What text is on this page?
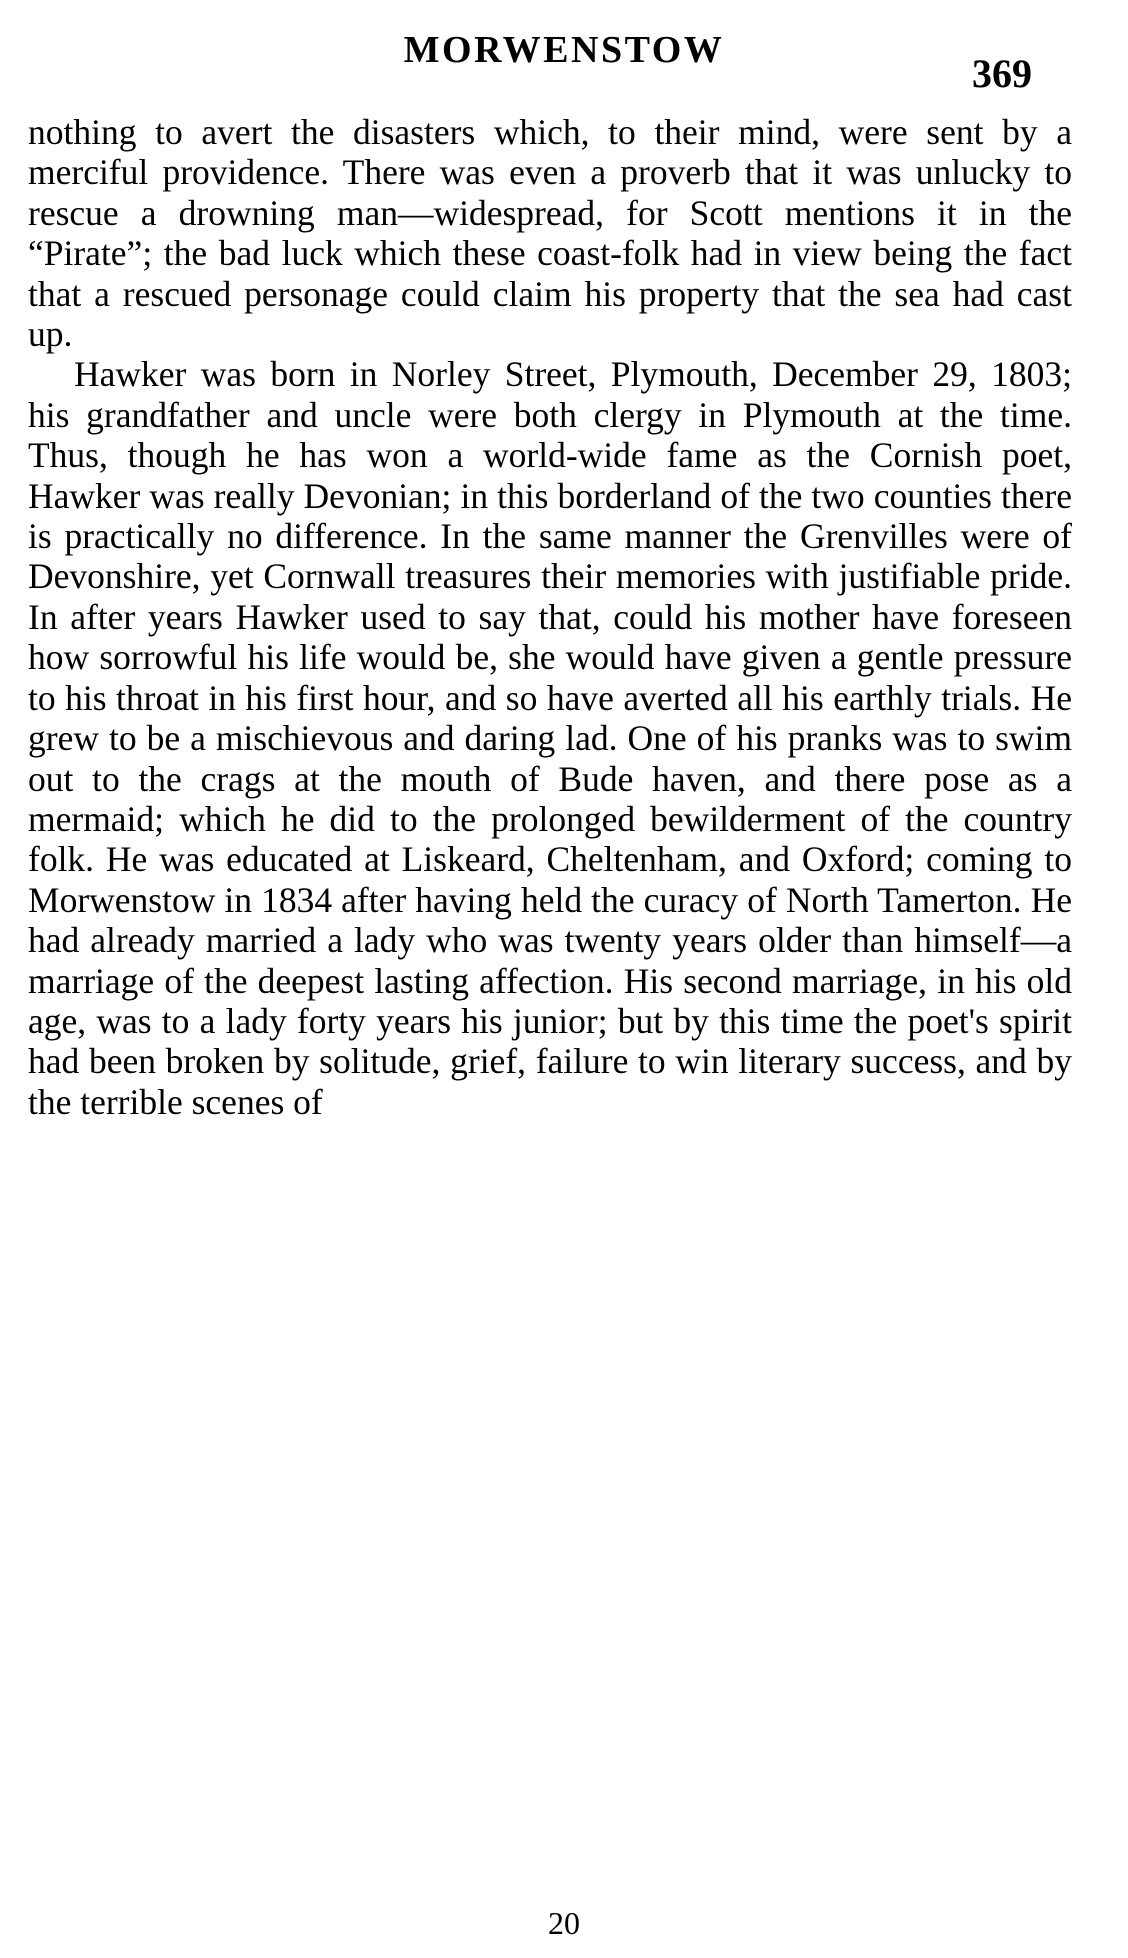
MORWENSTOW
369

nothing to avert the disasters which, to their mind, were sent by a merciful providence. There was even a proverb that it was unlucky to rescue a drowning man—widespread, for Scott mentions it in the “Pirate”; the bad luck which these coast-folk had in view being the fact that a rescued personage could claim his property that the sea had cast up.

Hawker was born in Norley Street, Plymouth, December 29, 1803; his grandfather and uncle were both clergy in Plymouth at the time. Thus, though he has won a world-wide fame as the Cornish poet, Hawker was really Devonian; in this borderland of the two counties there is practically no difference. In the same manner the Grenvilles were of Devonshire, yet Cornwall treasures their memories with justifiable pride. In after years Hawker used to say that, could his mother have foreseen how sorrowful his life would be, she would have given a gentle pressure to his throat in his first hour, and so have averted all his earthly trials. He grew to be a mischievous and daring lad. One of his pranks was to swim out to the crags at the mouth of Bude haven, and there pose as a mermaid; which he did to the prolonged bewilderment of the country folk. He was educated at Liskeard, Cheltenham, and Oxford; coming to Morwenstow in 1834 after having held the curacy of North Tamerton. He had already married a lady who was twenty years older than himself—a marriage of the deepest lasting affection. His second marriage, in his old age, was to a lady forty years his junior; but by this time the poet's spirit had been broken by solitude, grief, failure to win literary success, and by the terrible scenes of

20
